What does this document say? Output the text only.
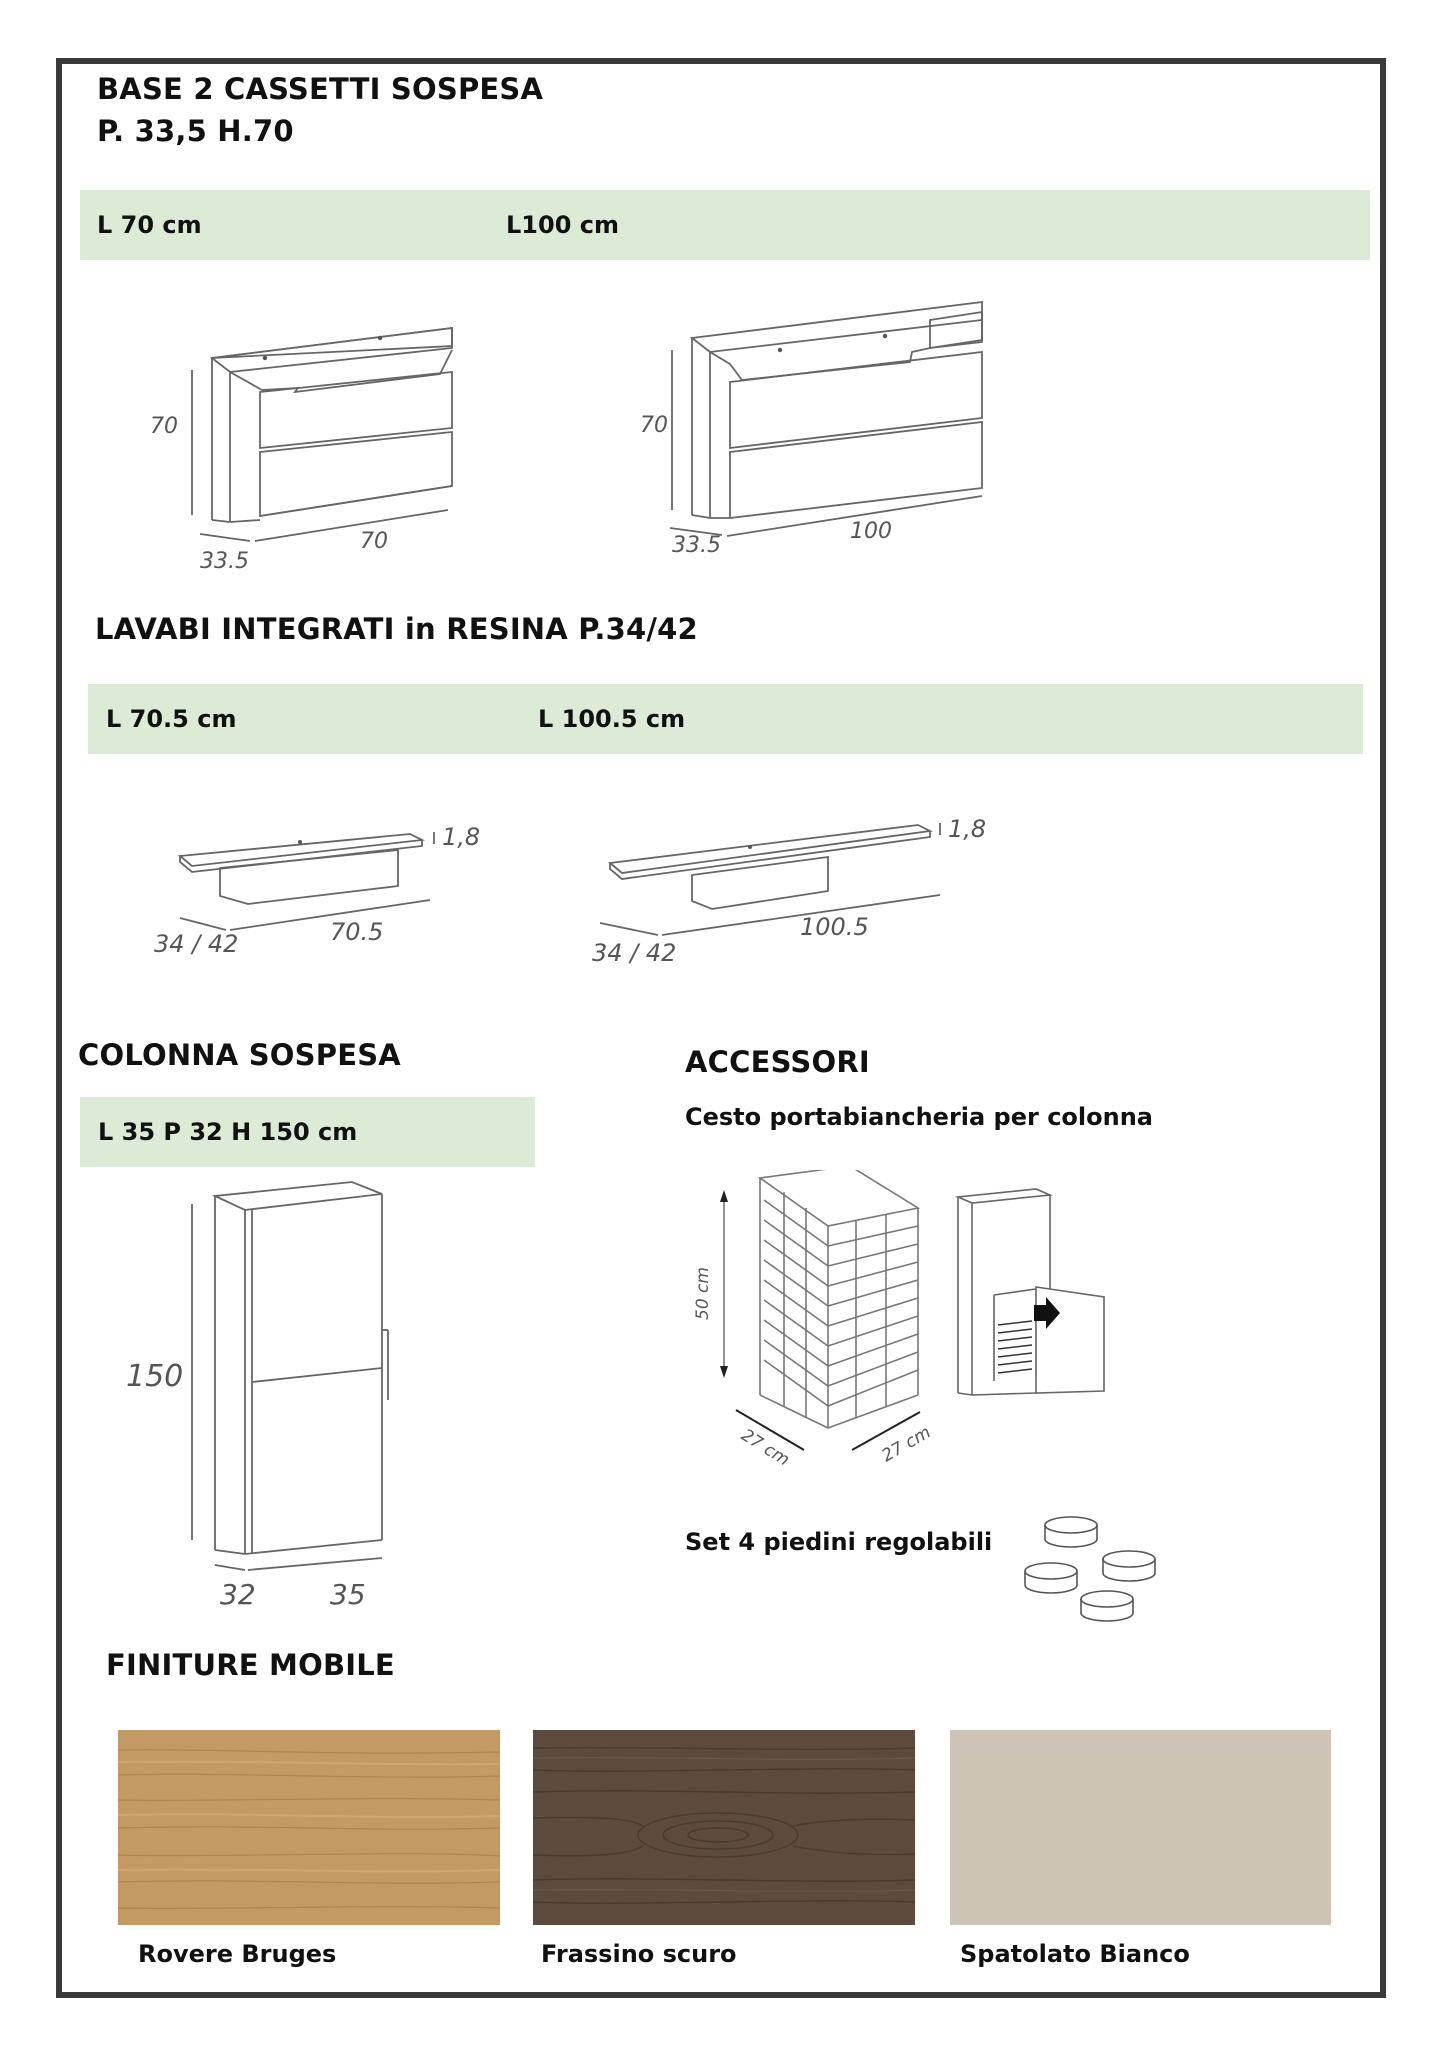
BASE 2 CASSETTI SOSPESA
P. 33,5 H.70
L 70 cm	L100 cm
70
33.5
70
70
33.5
100
LAVABI INTEGRATI in RESINA P.34/42
L 70.5 cm	L 100.5 cm
1,8
34 / 42	70.5
1,8
34 / 42
100.5
COLONNA SOSPESA
L 35 P 32 H 150 cm
150
32	35
ACCESSORI
Cesto portabiancheria per colonna
50 cm
27 cm	27 cm
Set 4 piedini regolabili
FINITURE MOBILE
Rovere Bruges	Frassino scuro	Spatolato Bianco
